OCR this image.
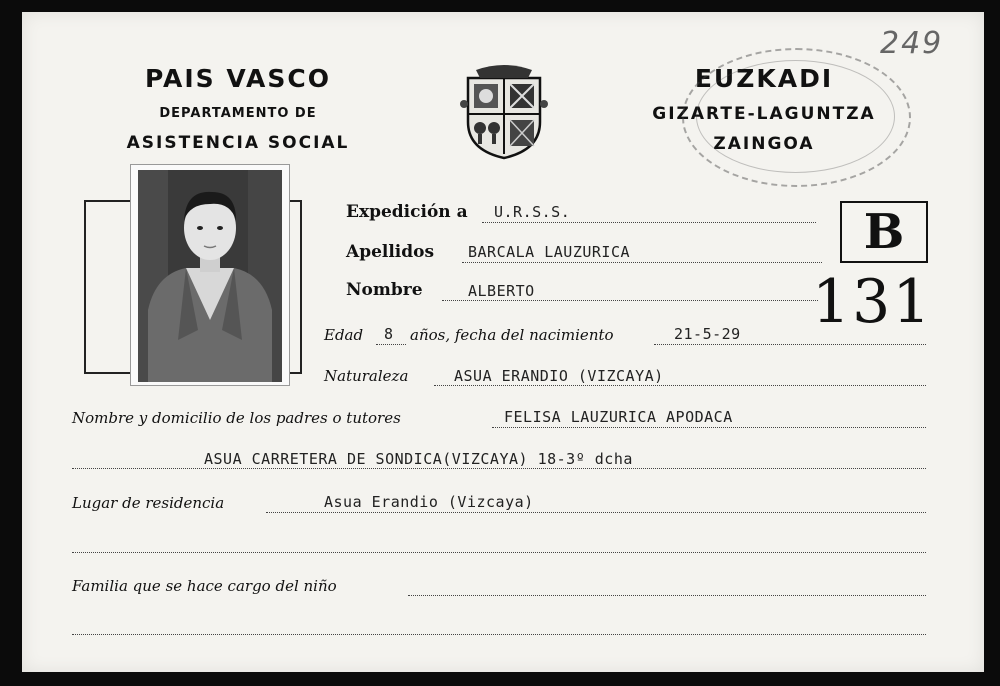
PAIS VASCO
DEPARTAMENTO DE
ASISTENCIA SOCIAL
EUZKADI
GIZARTE-LAGUNTZA
ZAINGOA
249
B
131
Expedición a U.R.S.S.
Apellidos BARCALA LAUZURICA
Nombre	ALBERTO
Edad 8 años, fecha del nacimiento	21-5-29
Naturaleza	ASUA ERANDIO (VIZCAYA)
Nombre y domicilio de los padres o tutores	FELISA LAUZURICA APODACA
ASUA CARRETERA DE SONDICA(VIZCAYA) 18-3º dcha
Lugar de residencia	Asua Erandio (Vizcaya)
Familia que se hace cargo del niño
